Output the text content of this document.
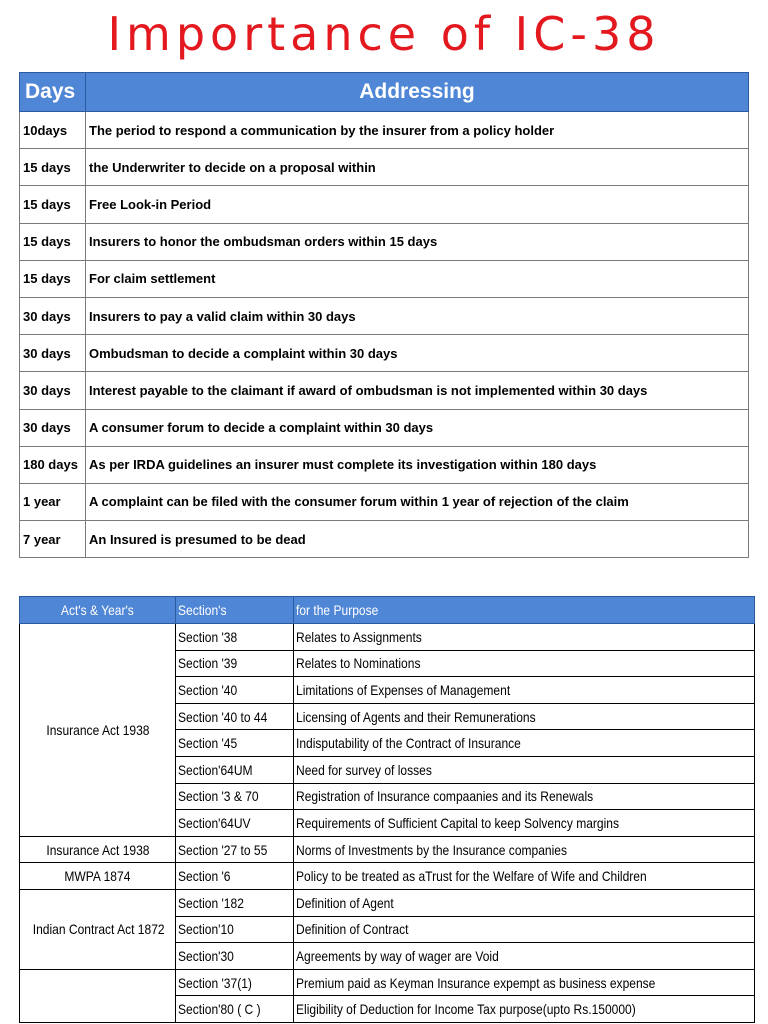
Importance of IC-38
Days	Addressing
10days	The period to respond a communication by the insurer from a policy holder
15 days	the Underwriter to decide on a proposal within
15 days	Free Look-in Period
15 days	Insurers to honor the ombudsman orders within 15 days
15 days	For claim settlement
30 days	Insurers to pay a valid claim within 30 days
30 days	Ombudsman to decide a complaint within 30 days
30 days	Interest payable to the claimant if award of ombudsman is not implemented within 30 days
30 days	A consumer forum to decide a complaint within 30 days
180 days	As per IRDA guidelines an insurer must complete its investigation within 180 days
1 year	A complaint can be filed with the consumer forum within 1 year of rejection of the claim
7 year	An Insured is presumed to be dead
Act's & Year's	Section's	for the Purpose
Insurance Act 1938	Section '38	Relates to Assignments
	Section '39	Relates to Nominations
	Section '40	Limitations of Expenses of Management
	Section '40 to 44	Licensing of Agents and their Remunerations
	Section '45	Indisputability of the Contract of Insurance
	Section'64UM	Need for survey of losses
	Section '3 & 70	Registration of Insurance compaanies and its Renewals
	Section'64UV	Requirements of Sufficient Capital to keep Solvency margins
Insurance Act 1938	Section '27 to 55	Norms of Investments by the Insurance companies
MWPA 1874	Section '6	Policy to be treated as aTrust for the Welfare of Wife and Children
Indian Contract Act 1872	Section '182	Definition of Agent
	Section'10	Definition of Contract
	Section'30	Agreements by way of wager are Void
	Section '37(1)	Premium paid as Keyman Insurance expempt as business expense
	Section'80 ( C )	Eligibility of Deduction for Income Tax purpose(upto Rs.150000)
